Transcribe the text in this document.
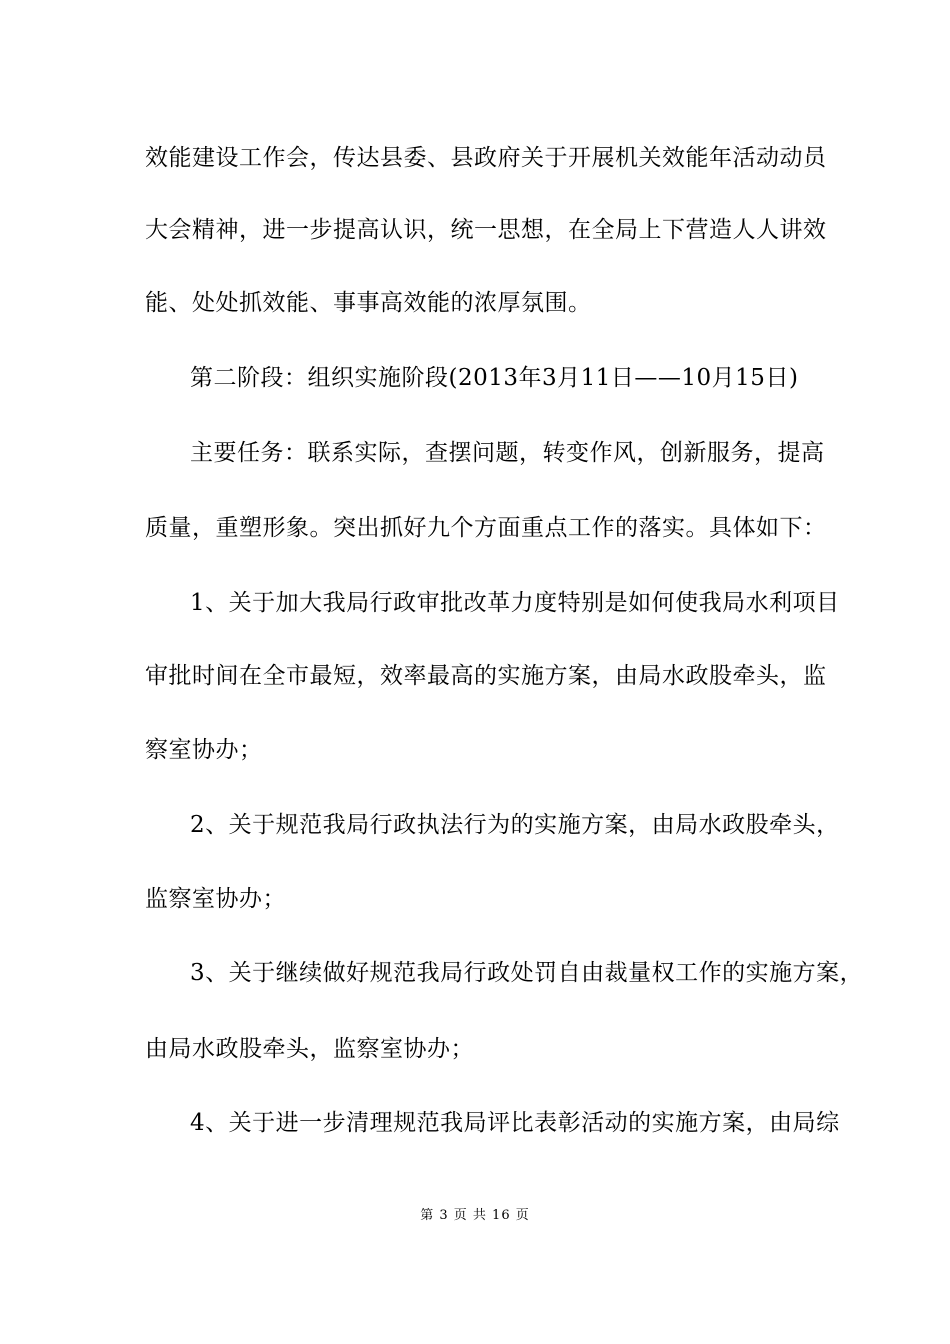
效能建设工作会，传达县委、县政府关于开展机关效能年活动动员
大会精神，进一步提高认识，统一思想，在全局上下营造人人讲效
能、处处抓效能、事事高效能的浓厚氛围。
第二阶段：组织实施阶段(2013年3月11日——10月15日)
主要任务：联系实际，查摆问题，转变作风，创新服务，提高
质量，重塑形象。突出抓好九个方面重点工作的落实。具体如下：
1、关于加大我局行政审批改革力度特别是如何使我局水利项目
审批时间在全市最短，效率最高的实施方案，由局水政股牵头，监
察室协办；
2、关于规范我局行政执法行为的实施方案，由局水政股牵头，
监察室协办；
3、关于继续做好规范我局行政处罚自由裁量权工作的实施方案，
由局水政股牵头，监察室协办；
4、关于进一步清理规范我局评比表彰活动的实施方案，由局综
第 3 页 共 16 页
